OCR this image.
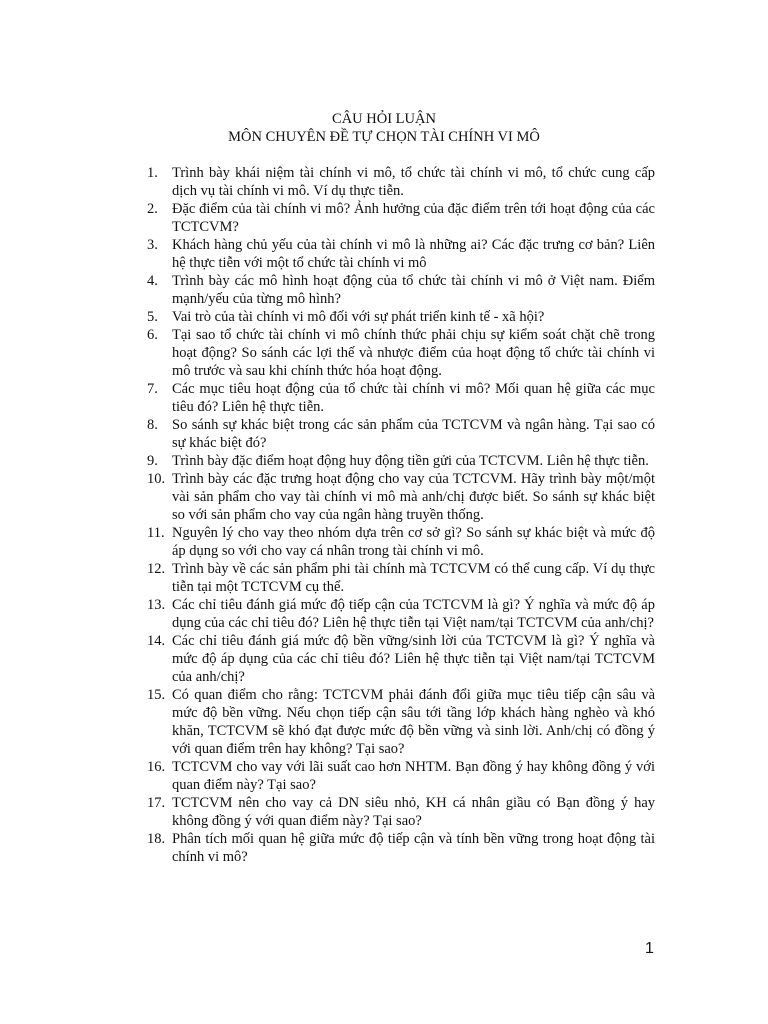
CÂU HỎI LUẬN
MÔN CHUYÊN ĐỀ TỰ CHỌN TÀI CHÍNH VI MÔ
1. Trình bày khái niệm tài chính vi mô, tổ chức tài chính vi mô, tổ chức cung cấp dịch vụ tài chính vi mô. Ví dụ thực tiễn.
2. Đặc điểm của tài chính vi mô? Ảnh hưởng của đặc điểm trên tới hoạt động của các TCTCVM?
3. Khách hàng chủ yếu của tài chính vi mô là những ai? Các đặc trưng cơ bản? Liên hệ thực tiễn với một tổ chức tài chính vi mô
4. Trình bày các mô hình hoạt động của tổ chức tài chính vi mô ở Việt nam. Điểm mạnh/yếu của từng mô hình?
5. Vai trò của tài chính vi mô đối với sự phát triển kinh tế - xã hội?
6. Tại sao tổ chức tài chính vi mô chính thức phải chịu sự kiểm soát chặt chẽ trong hoạt động? So sánh các lợi thế và nhược điểm của hoạt động tổ chức tài chính vi mô trước và sau khi chính thức hóa hoạt động.
7. Các mục tiêu hoạt động của tổ chức tài chính vi mô? Mối quan hệ giữa các mục tiêu đó? Liên hệ thực tiễn.
8. So sánh sự khác biệt trong các sản phẩm của TCTCVM và ngân hàng. Tại sao có sự khác biệt đó?
9. Trình bày đặc điểm hoạt động huy động tiền gửi của TCTCVM. Liên hệ thực tiễn.
10. Trình bày các đặc trưng hoạt động cho vay của TCTCVM. Hãy trình bày một/một vài sản phẩm cho vay tài chính vi mô mà anh/chị được biết. So sánh sự khác biệt so với sản phẩm cho vay của ngân hàng truyền thống.
11. Nguyên lý cho vay theo nhóm dựa trên cơ sở gì? So sánh sự khác biệt và mức độ áp dụng so với cho vay cá nhân trong tài chính vi mô.
12. Trình bày về các sản phẩm phi tài chính mà TCTCVM có thể cung cấp. Ví dụ thực tiễn tại một TCTCVM cụ thể.
13. Các chỉ tiêu đánh giá mức độ tiếp cận của TCTCVM là gì? Ý nghĩa và mức độ áp dụng của các chỉ tiêu đó? Liên hệ thực tiễn tại Việt nam/tại TCTCVM của anh/chị?
14. Các chỉ tiêu đánh giá mức độ bền vững/sinh lời của TCTCVM là gì? Ý nghĩa và mức độ áp dụng của các chỉ tiêu đó? Liên hệ thực tiễn tại Việt nam/tại TCTCVM của anh/chị?
15. Có quan điểm cho rằng: TCTCVM phải đánh đổi giữa mục tiêu tiếp cận sâu và mức độ bền vững. Nếu chọn tiếp cận sâu tới tầng lớp khách hàng nghèo và khó khăn, TCTCVM sẽ khó đạt được mức độ bền vững và sinh lời. Anh/chị có đồng ý với quan điểm trên hay không? Tại sao?
16. TCTCVM cho vay với lãi suất cao hơn NHTM. Bạn đồng ý hay không đồng ý với quan điểm này? Tại sao?
17. TCTCVM nên cho vay cả DN siêu nhỏ, KH cá nhân giầu có Bạn đồng ý hay không đồng ý với quan điểm này? Tại sao?
18. Phân tích mối quan hệ giữa mức độ tiếp cận và tính bền vững trong hoạt động tài chính vi mô?
1
